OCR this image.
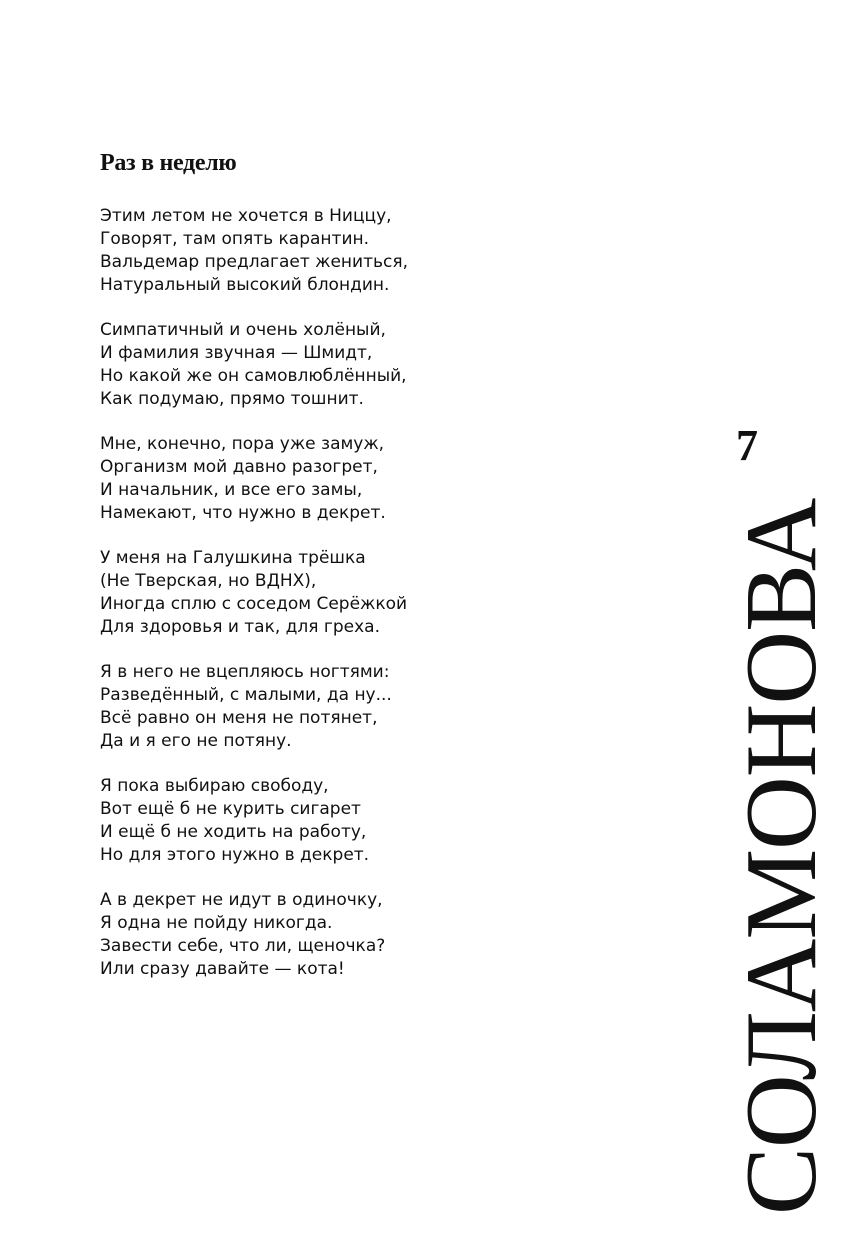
Раз в неделю
Этим летом не хочется в Ниццу,
Говорят, там опять карантин.
Вальдемар предлагает жениться,
Натуральный высокий блондин.
Симпатичный и очень холёный,
И фамилия звучная — Шмидт,
Но какой же он самовлюблённый,
Как подумаю, прямо тошнит.
Мне, конечно, пора уже замуж,
Организм мой давно разогрет,
И начальник, и все его замы,
Намекают, что нужно в декрет.
У меня на Галушкина трёшка
(Не Тверская, но ВДНХ),
Иногда сплю с соседом Серёжкой
Для здоровья и так, для греха.
Я в него не вцепляюсь ногтями:
Разведённый, с малыми, да ну...
Всё равно он меня не потянет,
Да и я его не потяну.
Я пока выбираю свободу,
Вот ещё б не курить сигарет
И ещё б не ходить на работу,
Но для этого нужно в декрет.
А в декрет не идут в одиночку,
Я одна не пойду никогда.
Завести себе, что ли, щеночка?
Или сразу давайте — кота!
7
СОЛАМОНОВА
